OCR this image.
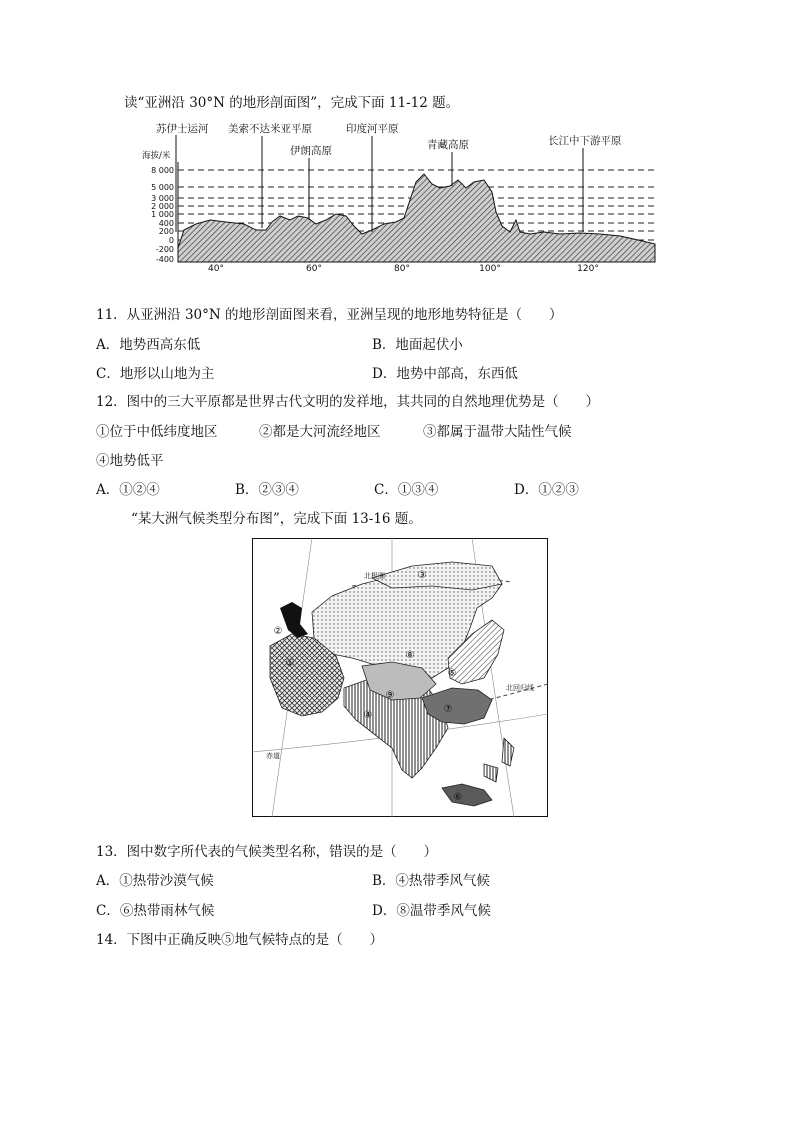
读“亚洲沿 30°N 的地形剖面图”，完成下面 11-12 题。
苏伊士运河 美索不达米亚平原
伊朗高原
印度河平原
青藏高原	长江中下游平原
海拔/米
8 000
5 000
3 000
2 000
1 000
400
200
0
-200
-400
40°	60°	80°	100°	120°
11．从亚洲沿 30°N 的地形剖面图来看，亚洲呈现的地形地势特征是（　　）
A．地势西高东低	B．地面起伏小
C．地形以山地为主	D．地势中部高，东西低
12．图中的三大平原都是世界古代文明的发祥地，其共同的自然地理优势是（　　）
①位于中低纬度地区	②都是大河流经地区	③都属于温带大陆性气候
④地势低平
A．①②④	B．②③④	C．①③④	D．①②③
“某大洲气候类型分布图”，完成下面 13-16 题。
①
②
③
④
⑤
⑥
⑦
⑧
⑨
北极圈
北回归线
赤道
13．图中数字所代表的气候类型名称，错误的是（　　）
A．①热带沙漠气候	B．④热带季风气候
C．⑥热带雨林气候	D．⑧温带季风气候
14．下图中正确反映⑤地气候特点的是（　　）
